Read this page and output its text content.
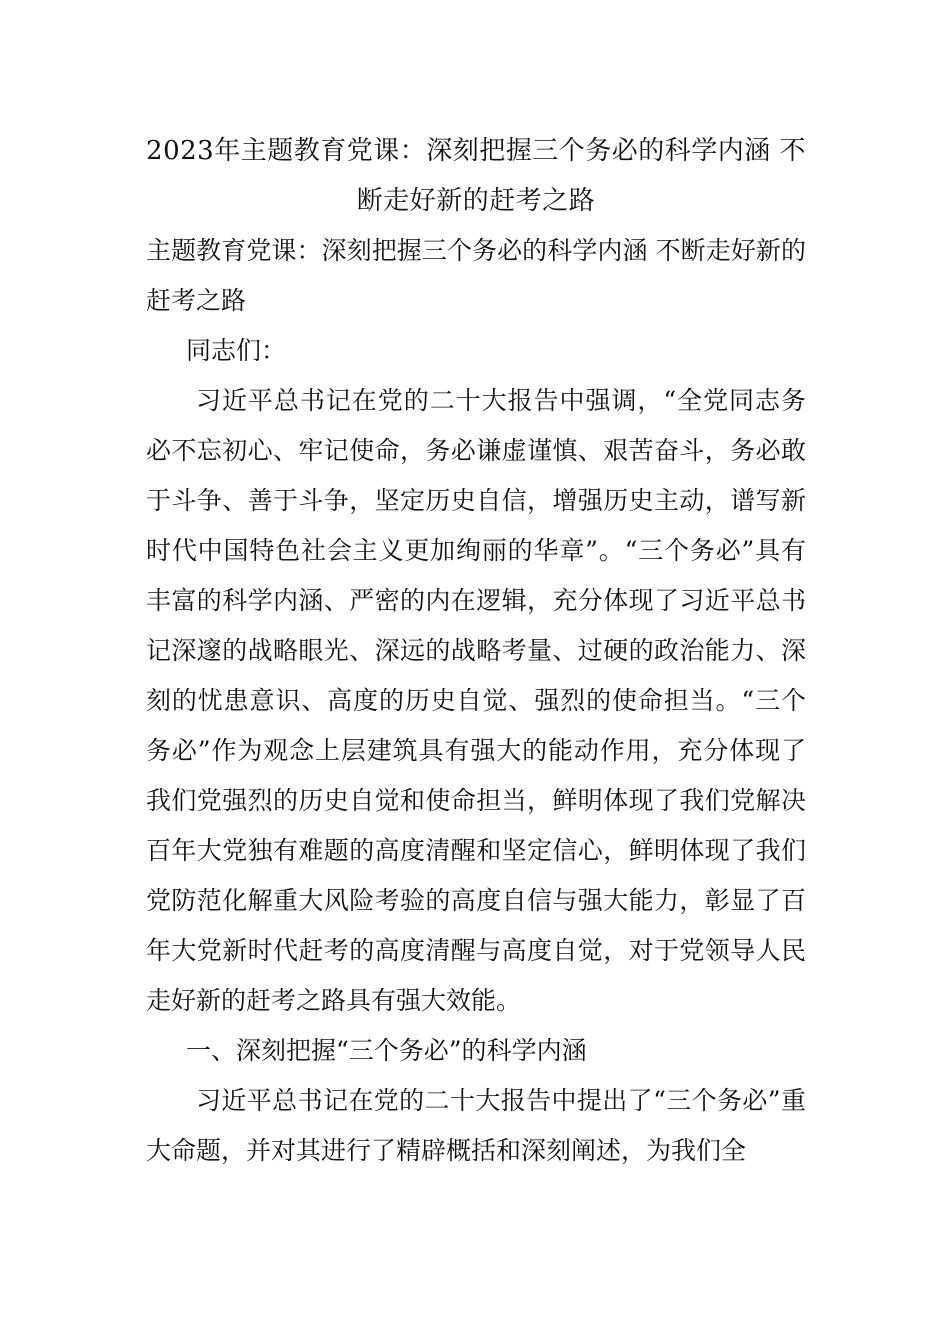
2023年主题教育党课：深刻把握三个务必的科学内涵 不
断走好新的赶考之路

主题教育党课：深刻把握三个务必的科学内涵 不断走好新的赶考之路

同志们：

习近平总书记在党的二十大报告中强调，“全党同志务必不忘初心、牢记使命，务必谦虚谨慎、艰苦奋斗，务必敢于斗争、善于斗争，坚定历史自信，增强历史主动，谱写新时代中国特色社会主义更加绚丽的华章”。“三个务必”具有丰富的科学内涵、严密的内在逻辑，充分体现了习近平总书记深邃的战略眼光、深远的战略考量、过硬的政治能力、深刻的忧患意识、高度的历史自觉、强烈的使命担当。“三个务必”作为观念上层建筑具有强大的能动作用，充分体现了我们党强烈的历史自觉和使命担当，鲜明体现了我们党解决百年大党独有难题的高度清醒和坚定信心，鲜明体现了我们党防范化解重大风险考验的高度自信与强大能力，彰显了百年大党新时代赶考的高度清醒与高度自觉，对于党领导人民走好新的赶考之路具有强大效能。

一、深刻把握“三个务必”的科学内涵

习近平总书记在党的二十大报告中提出了“三个务必”重大命题，并对其进行了精辟概括和深刻阐述，为我们全
